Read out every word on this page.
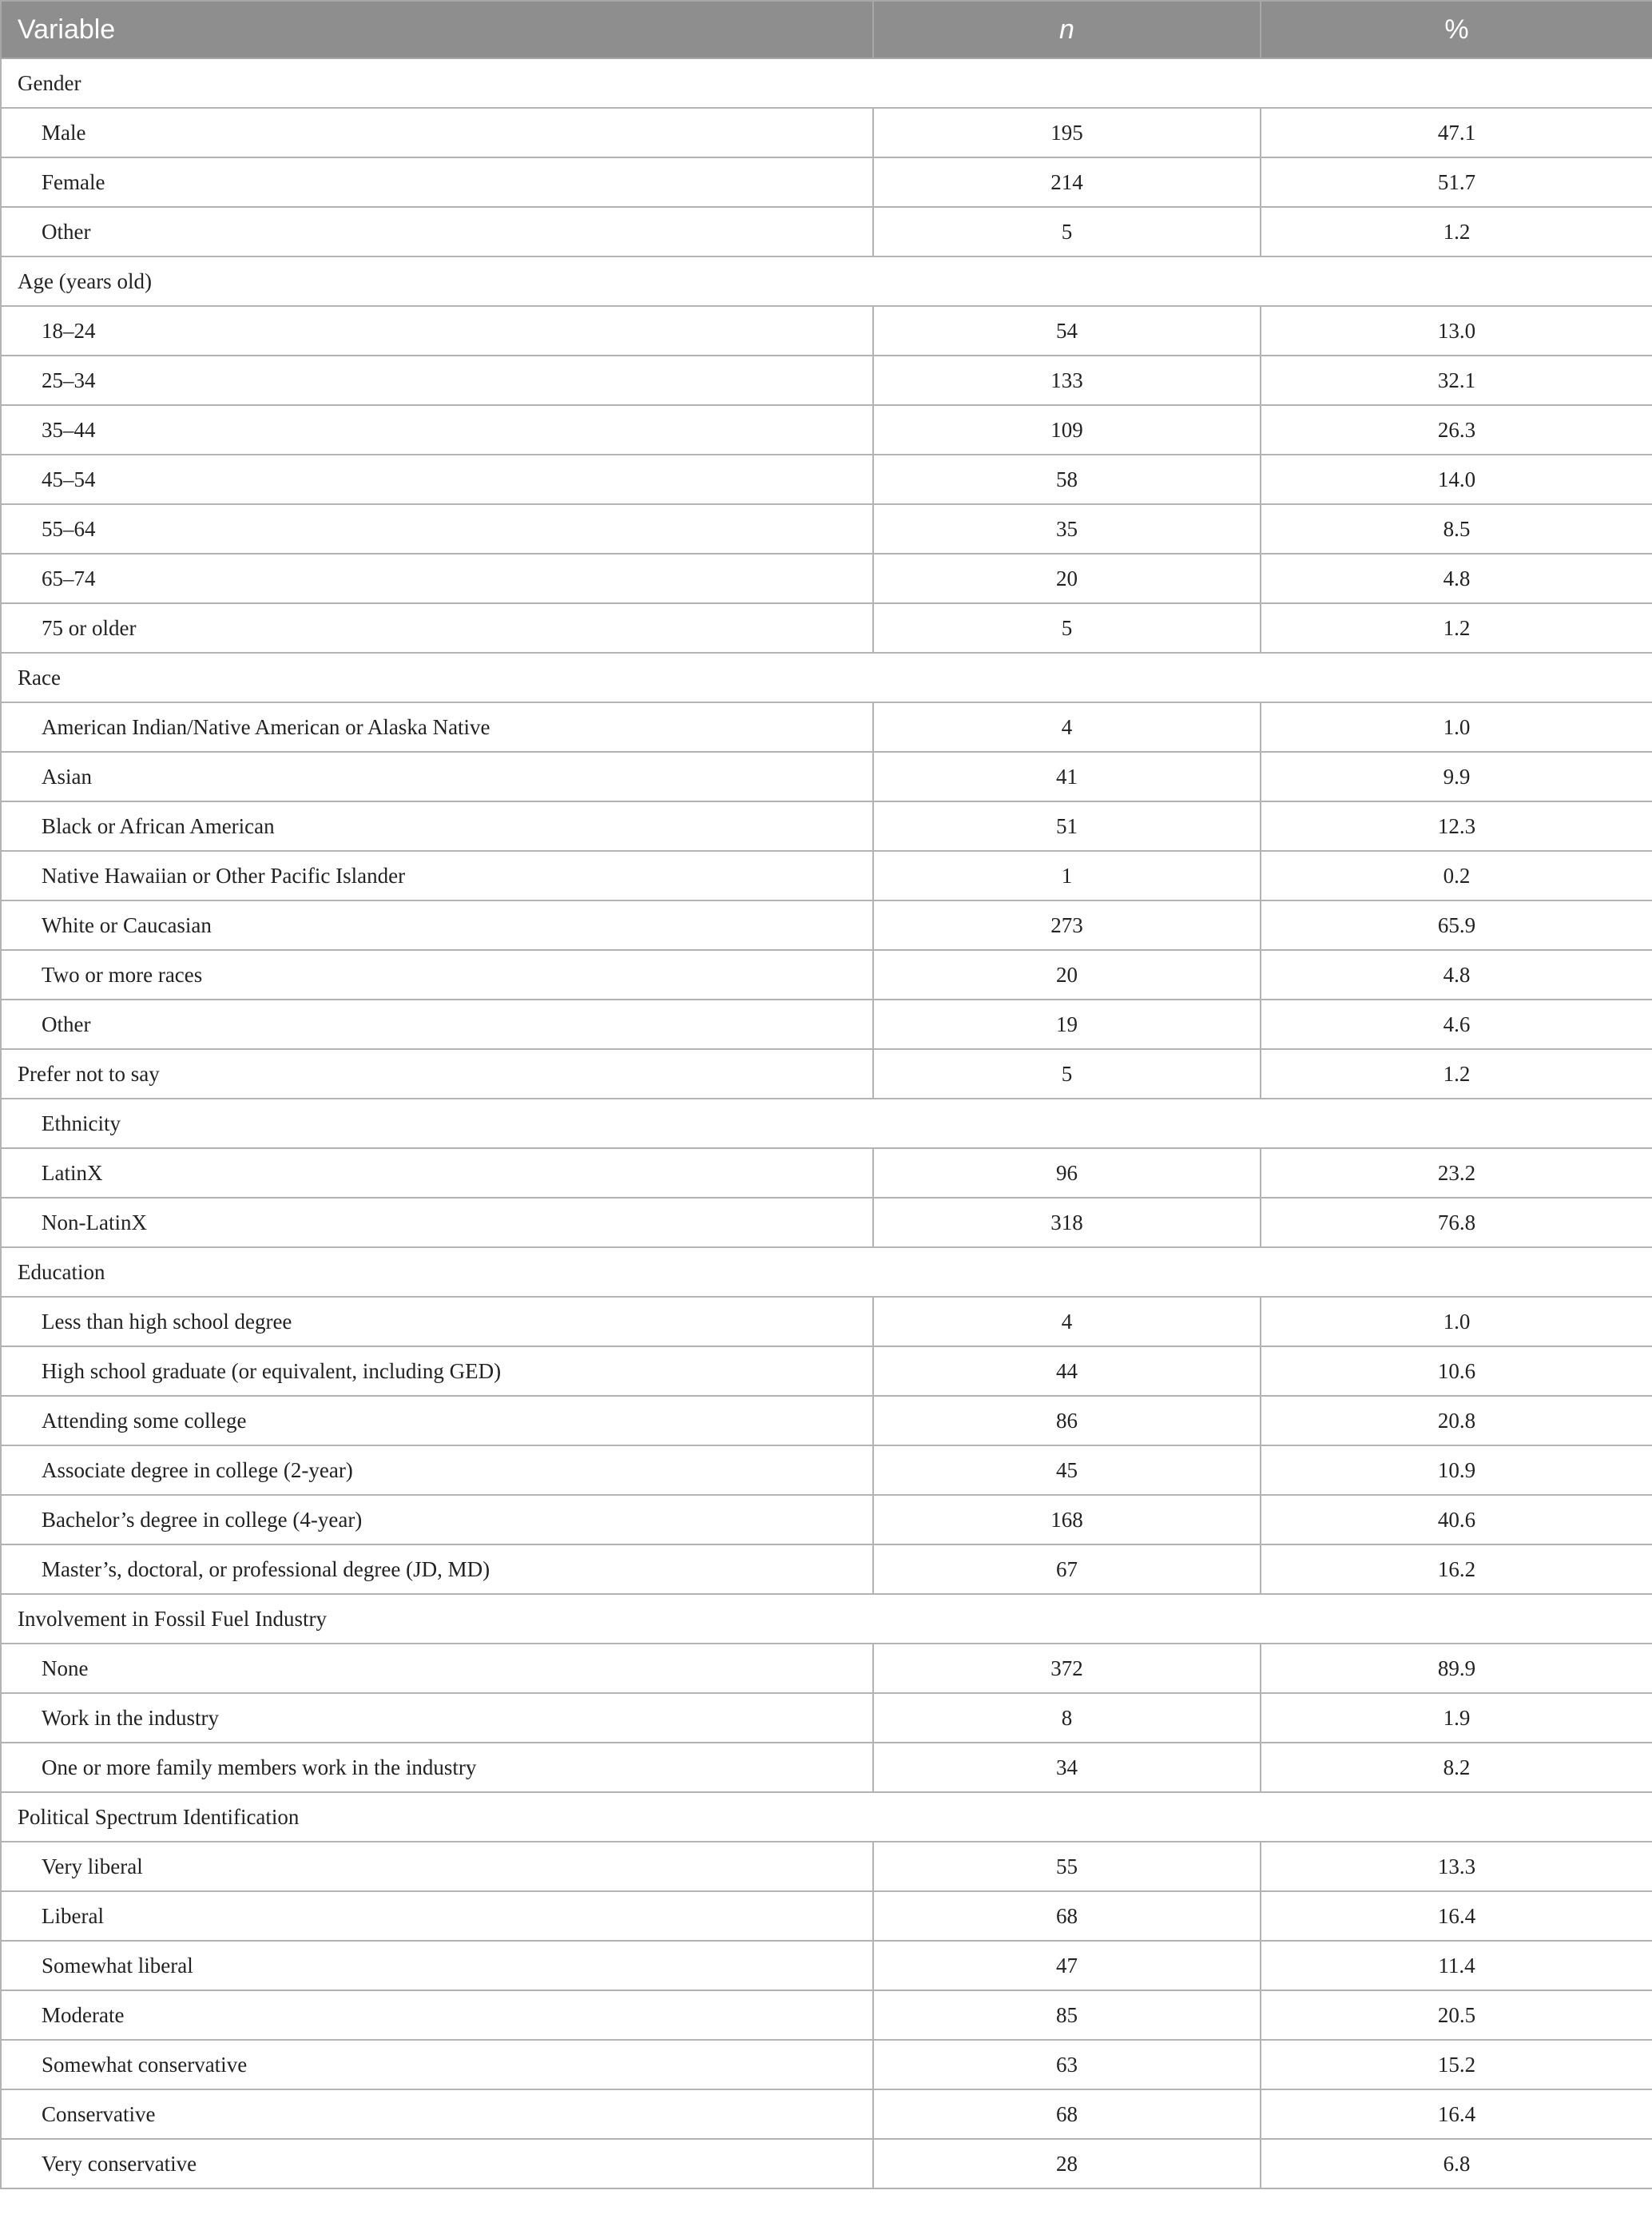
Variable	n	%
Gender		
Male	195	47.1
Female	214	51.7
Other	5	1.2
Age (years old)		
18–24	54	13.0
25–34	133	32.1
35–44	109	26.3
45–54	58	14.0
55–64	35	8.5
65–74	20	4.8
75 or older	5	1.2
Race		
American Indian/Native American or Alaska Native	4	1.0
Asian	41	9.9
Black or African American	51	12.3
Native Hawaiian or Other Pacific Islander	1	0.2
White or Caucasian	273	65.9
Two or more races	20	4.8
Other	19	4.6
Prefer not to say	5	1.2
Ethnicity		
LatinX	96	23.2
Non-LatinX	318	76.8
Education		
Less than high school degree	4	1.0
High school graduate (or equivalent, including GED)	44	10.6
Attending some college	86	20.8
Associate degree in college (2-year)	45	10.9
Bachelor’s degree in college (4-year)	168	40.6
Master’s, doctoral, or professional degree (JD, MD)	67	16.2
Involvement in Fossil Fuel Industry		
None	372	89.9
Work in the industry	8	1.9
One or more family members work in the industry	34	8.2
Political Spectrum Identification		
Very liberal	55	13.3
Liberal	68	16.4
Somewhat liberal	47	11.4
Moderate	85	20.5
Somewhat conservative	63	15.2
Conservative	68	16.4
Very conservative	28	6.8
